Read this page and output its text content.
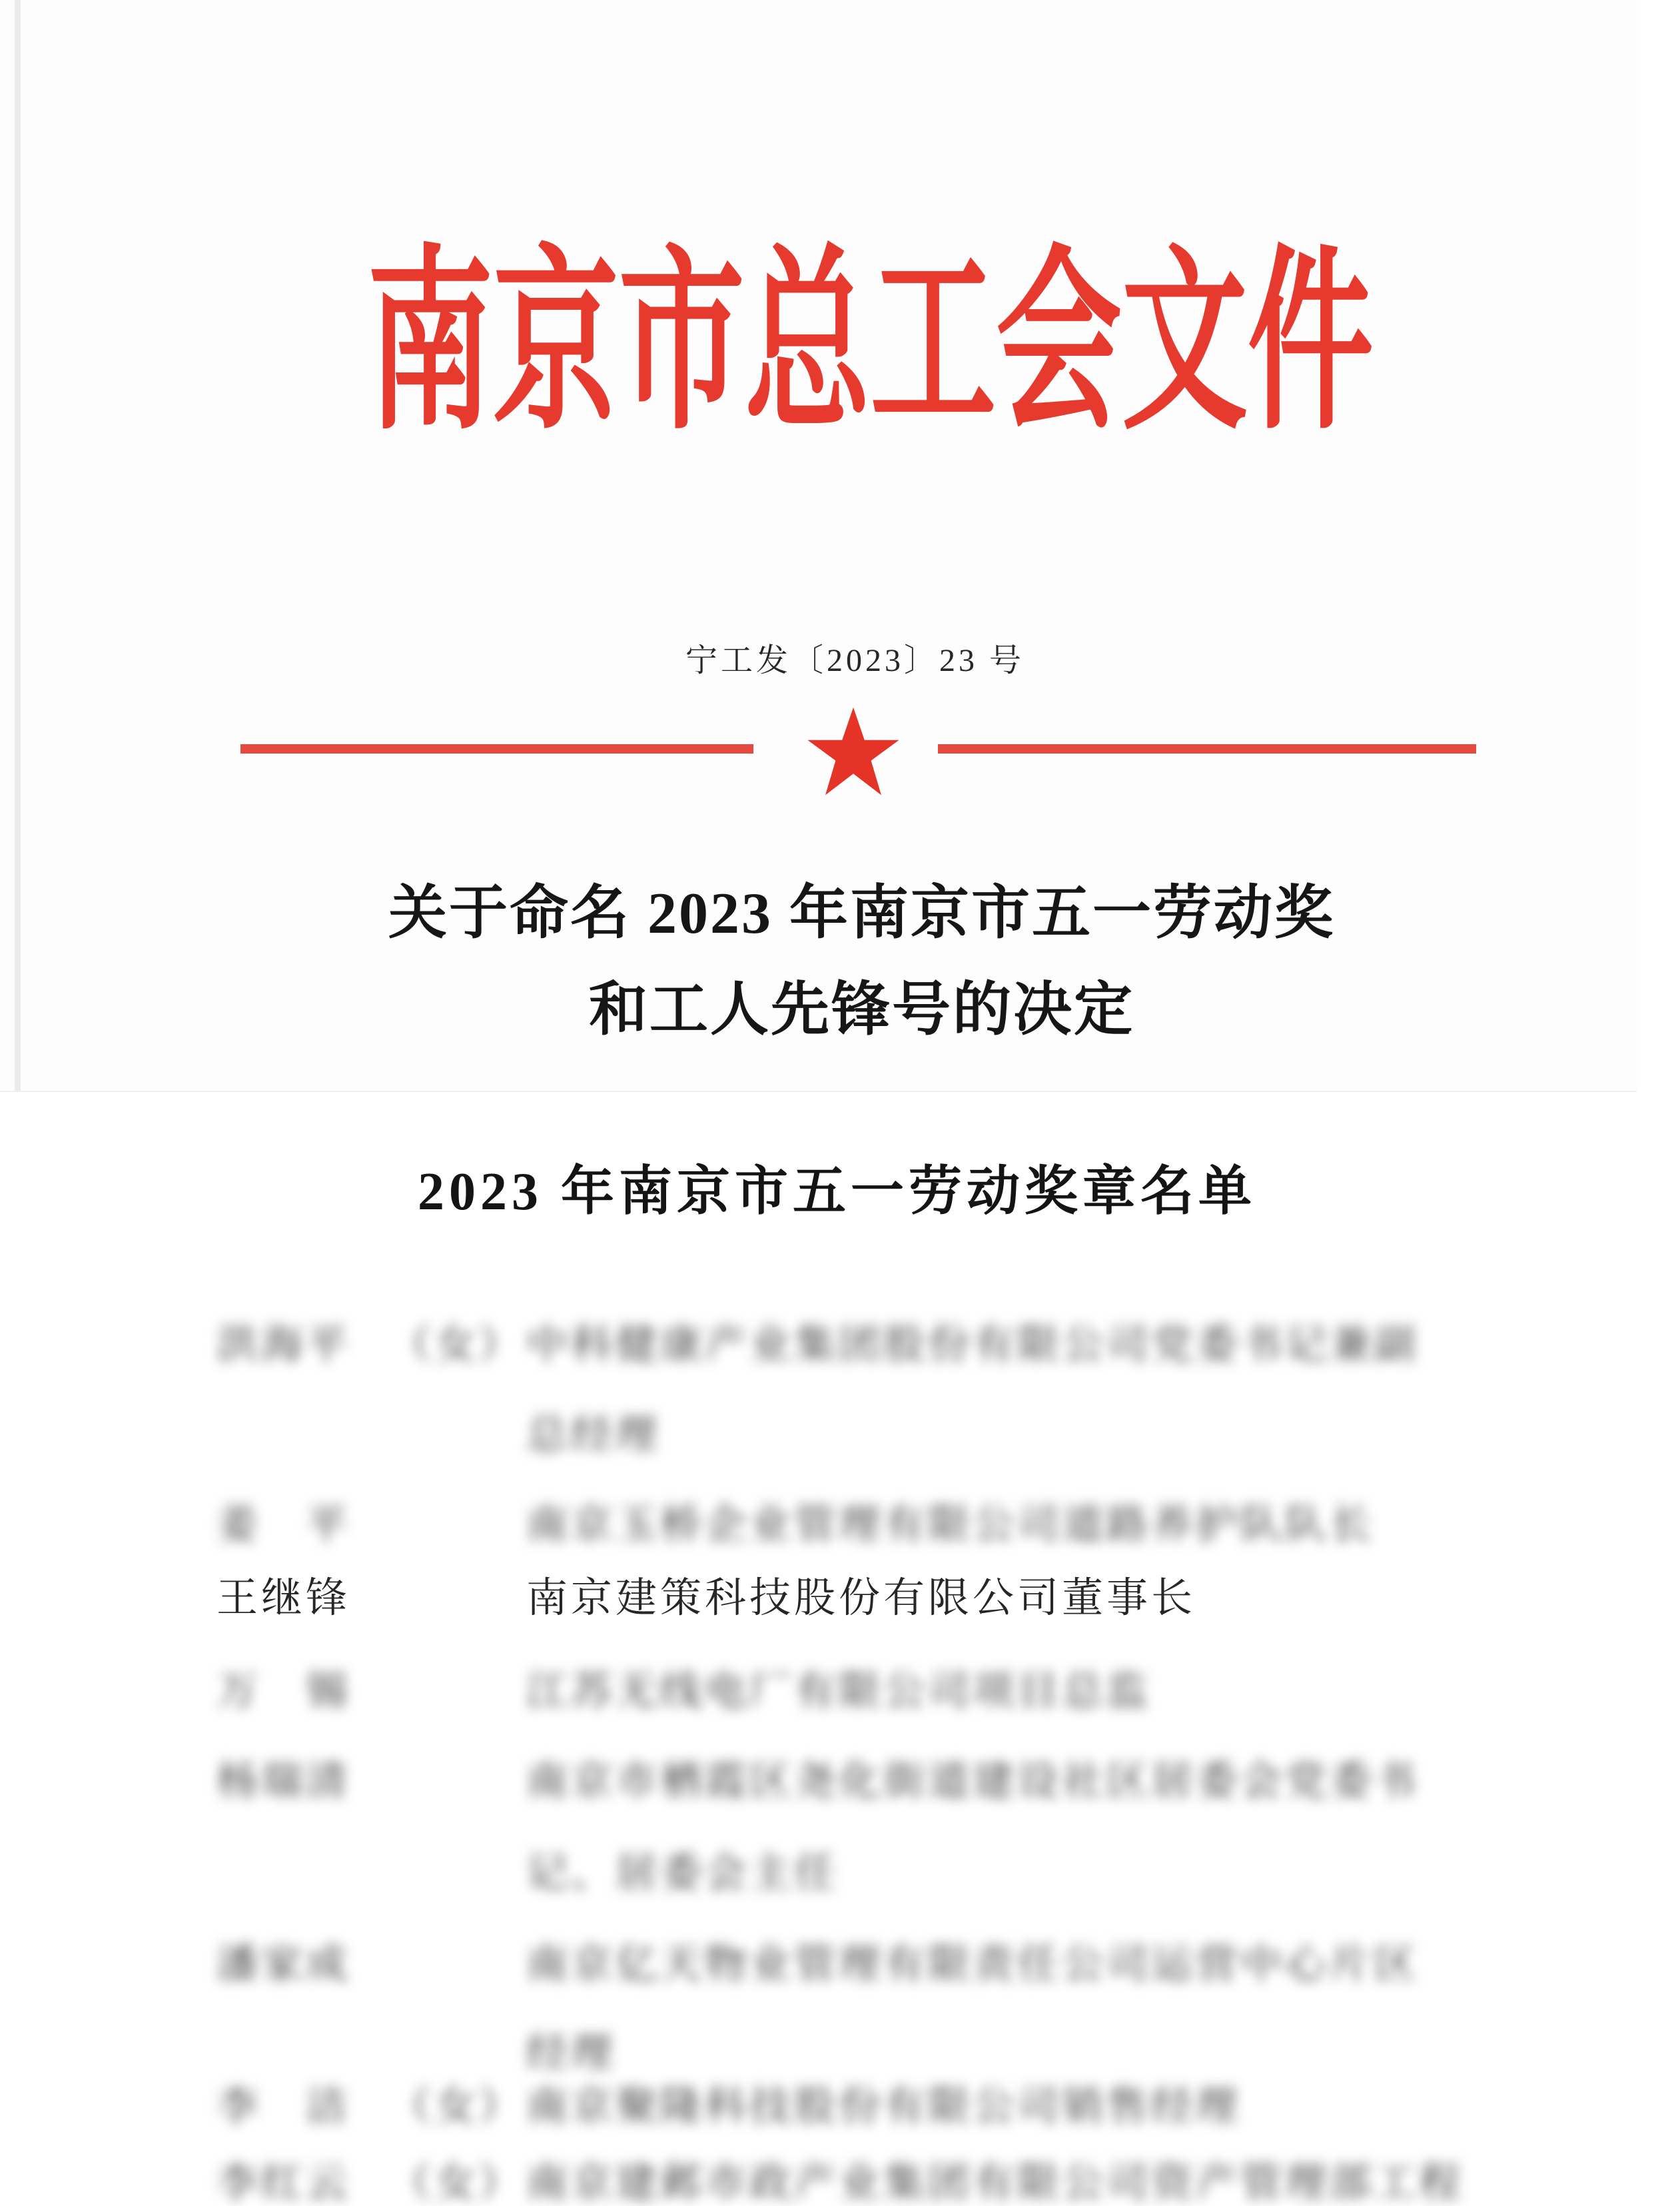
南京市总工会文件
宁工发〔2023〕23 号
关于命名 2023 年南京市五一劳动奖
和工人先锋号的决定
2023 年南京市五一劳动奖章名单
洪海平 （女） 中科健康产业集团股份有限公司党委书记兼副
总经理
姜　平	南京玉桥企业管理有限公司道路养护队队长
王继锋	南京建策科技股份有限公司董事长
万　锡	江苏无线电厂有限公司项目总监
杨瑞清	南京市栖霞区尧化街道建设社区居委会党委书
记、居委会主任
潘家成	南京亿天物业管理有限责任公司运营中心片区
经理
李　洁 （女） 南京聚隆科技股份有限公司销售经理
李红云 （女） 南京建邺市政产业集团有限公司资产管理部工程
